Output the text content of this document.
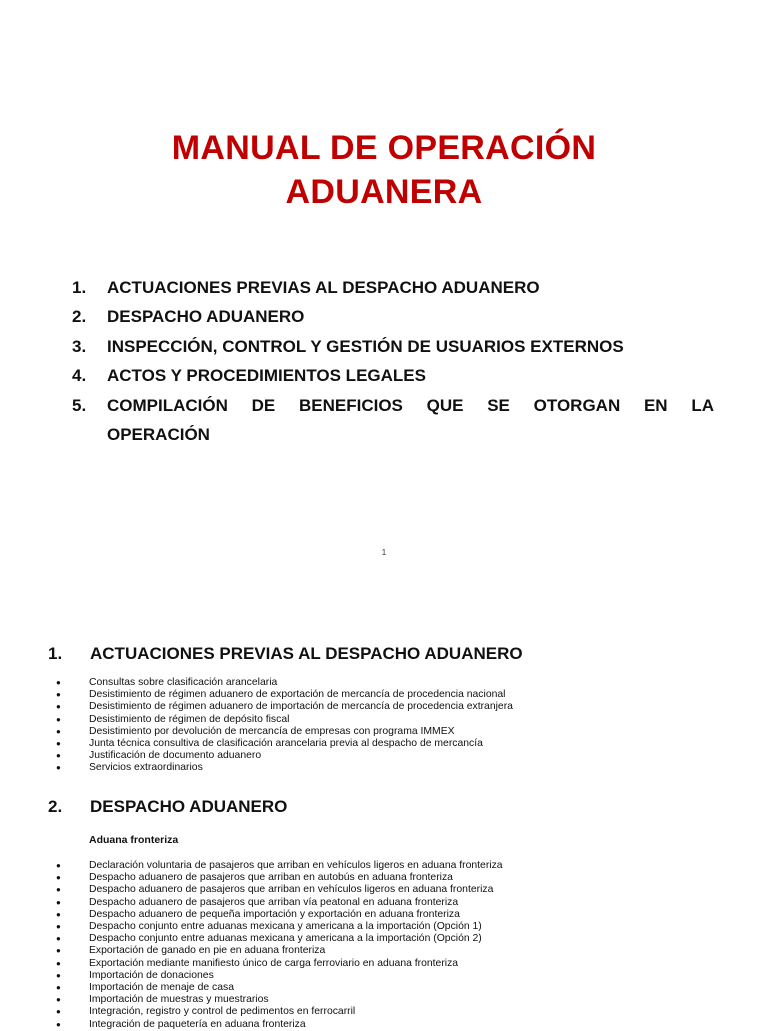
MANUAL DE OPERACIÓN
ADUANERA
1.	ACTUACIONES PREVIAS AL DESPACHO ADUANERO
2.	DESPACHO ADUANERO
3.	INSPECCIÓN, CONTROL Y GESTIÓN DE USUARIOS EXTERNOS
4.	ACTOS Y PROCEDIMIENTOS LEGALES
5.	COMPILACIÓN DE BENEFICIOS QUE SE OTORGAN EN LA
OPERACIÓN
1
1.	ACTUACIONES PREVIAS AL DESPACHO ADUANERO
●	Consultas sobre clasificación arancelaria
●	Desistimiento de régimen aduanero de exportación de mercancía de procedencia nacional
●	Desistimiento de régimen aduanero de importación de mercancía de procedencia extranjera
●	Desistimiento de régimen de depósito fiscal
●	Desistimiento por devolución de mercancía de empresas con programa IMMEX
●	Junta técnica consultiva de clasificación arancelaria previa al despacho de mercancía
●	Justificación de documento aduanero
●	Servicios extraordinarios
2.	DESPACHO ADUANERO
Aduana fronteriza
●	Declaración voluntaria de pasajeros que arriban en vehículos ligeros en aduana fronteriza
●	Despacho aduanero de pasajeros que arriban en autobús en aduana fronteriza
●	Despacho aduanero de pasajeros que arriban en vehículos ligeros en aduana fronteriza
●	Despacho aduanero de pasajeros que arriban vía peatonal en aduana fronteriza
●	Despacho aduanero de pequeña importación y exportación en aduana fronteriza
●	Despacho conjunto entre aduanas mexicana y americana a la importación (Opción 1)
●	Despacho conjunto entre aduanas mexicana y americana a la importación (Opción 2)
●	Exportación de ganado en pie en aduana fronteriza
●	Exportación mediante manifiesto único de carga ferroviario en aduana fronteriza
●	Importación de donaciones
●	Importación de menaje de casa
●	Importación de muestras y muestrarios
●	Integración, registro y control de pedimentos en ferrocarril
●	Integración de paquetería en aduana fronteriza
